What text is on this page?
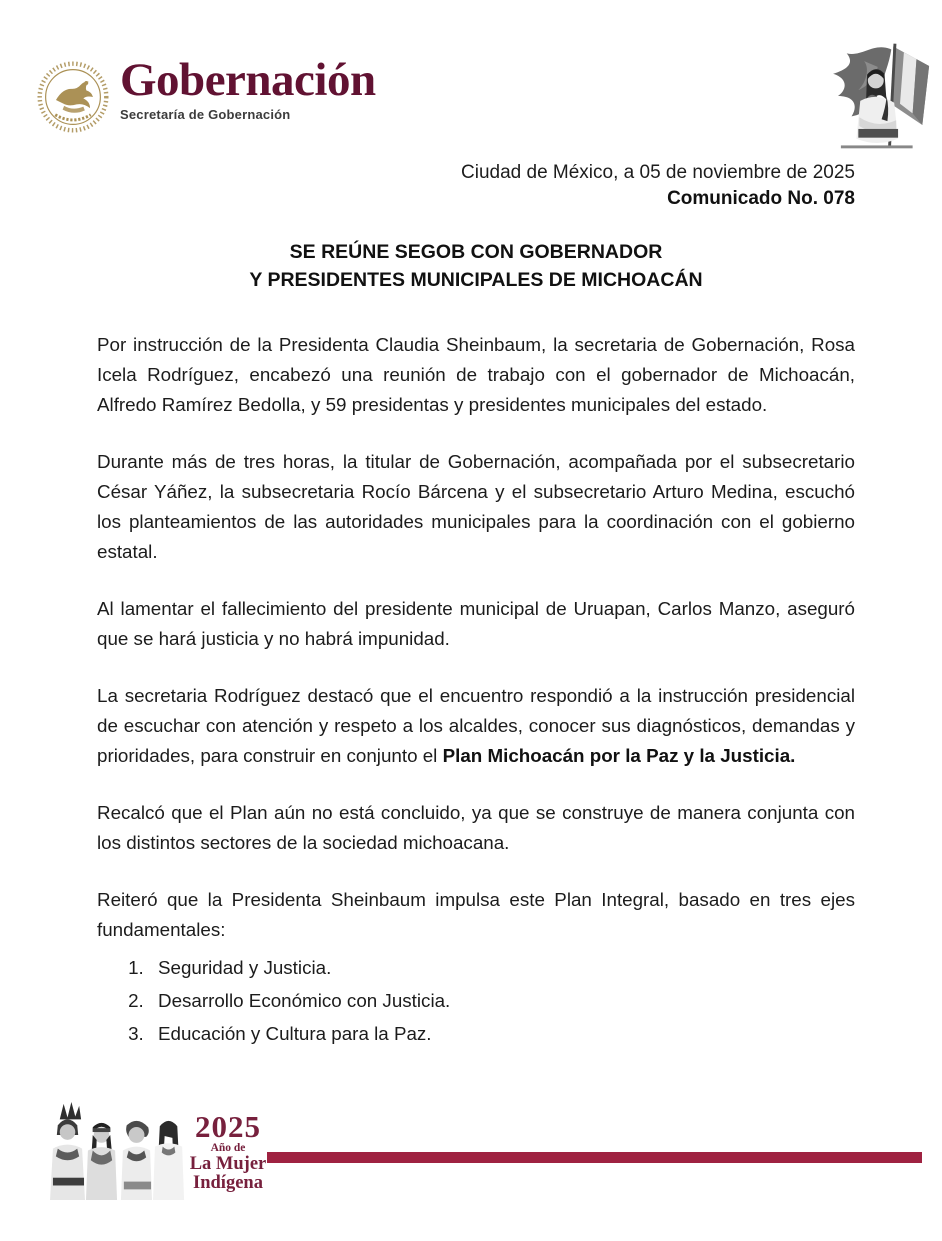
Gobernación
Secretaría de Gobernación
Ciudad de México, a 05 de noviembre de 2025
Comunicado No. 078
SE REÚNE SEGOB CON GOBERNADOR
Y PRESIDENTES MUNICIPALES DE MICHOACÁN

Por instrucción de la Presidenta Claudia Sheinbaum, la secretaria de Gobernación, Rosa Icela Rodríguez, encabezó una reunión de trabajo con el gobernador de Michoacán, Alfredo Ramírez Bedolla, y 59 presidentas y presidentes municipales del estado.

Durante más de tres horas, la titular de Gobernación, acompañada por el subsecretario César Yáñez, la subsecretaria Rocío Bárcena y el subsecretario Arturo Medina, escuchó los planteamientos de las autoridades municipales para la coordinación con el gobierno estatal.

Al lamentar el fallecimiento del presidente municipal de Uruapan, Carlos Manzo, aseguró que se hará justicia y no habrá impunidad.

La secretaria Rodríguez destacó que el encuentro respondió a la instrucción presidencial de escuchar con atención y respeto a los alcaldes, conocer sus diagnósticos, demandas y prioridades, para construir en conjunto el Plan Michoacán por la Paz y la Justicia.

Recalcó que el Plan aún no está concluido, ya que se construye de manera conjunta con los distintos sectores de la sociedad michoacana.

Reiteró que la Presidenta Sheinbaum impulsa este Plan Integral, basado en tres ejes fundamentales:

1. Seguridad y Justicia.
2. Desarrollo Económico con Justicia.
3. Educación y Cultura para la Paz.
2025
Año de
La Mujer
Indígena
